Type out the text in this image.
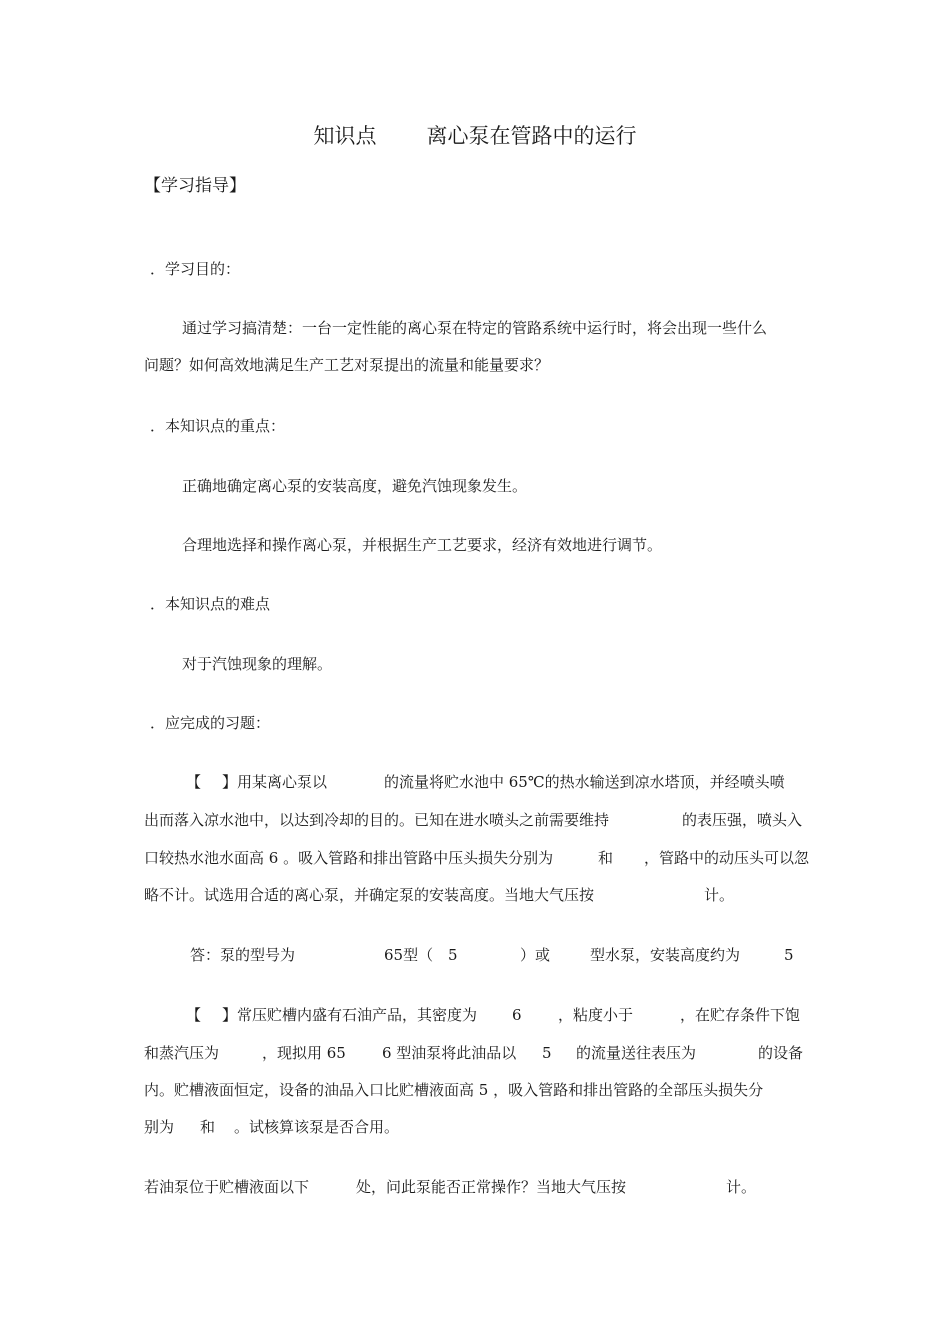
知识点 离心泵在管路中的运行
【学习指导】
．学习目的：
通过学习搞清楚：一台一定性能的离心泵在特定的管路系统中运行时，将会出现一些什么
问题？如何高效地满足生产工艺对泵提出的流量和能量要求？
．本知识点的重点：
正确地确定离心泵的安装高度，避免汽蚀现象发生。
合理地选择和操作离心泵，并根据生产工艺要求，经济有效地进行调节。
．本知识点的难点
对于汽蚀现象的理解。
．应完成的习题：
【 】用某离心泵以	的流量将贮水池中 65℃的热水输送到凉水塔顶，并经喷头喷
出而落入凉水池中，以达到冷却的目的。已知在进水喷头之前需要维持	的表压强，喷头入
口较热水池水面高 6 。吸入管路和排出管路中压头损失分别为	和 ，管路中的动压头可以忽
略不计。试选用合适的离心泵，并确定泵的安装高度。当地大气压按	计。
答：泵的型号为	65型（ 5	）或	型水泵，安装高度约为	5
【 】常压贮槽内盛有石油产品，其密度为 6 ，粘度小于	，在贮存条件下饱
和蒸汽压为	，现拟用 65 6 型油泵将此油品以 5 的流量送往表压为	的设备
内。贮槽液面恒定，设备的油品入口比贮槽液面高 5 ，吸入管路和排出管路的全部压头损失分
别为 和 。试核算该泵是否合用。
若油泵位于贮槽液面以下	处，问此泵能否正常操作？当地大气压按	计。
